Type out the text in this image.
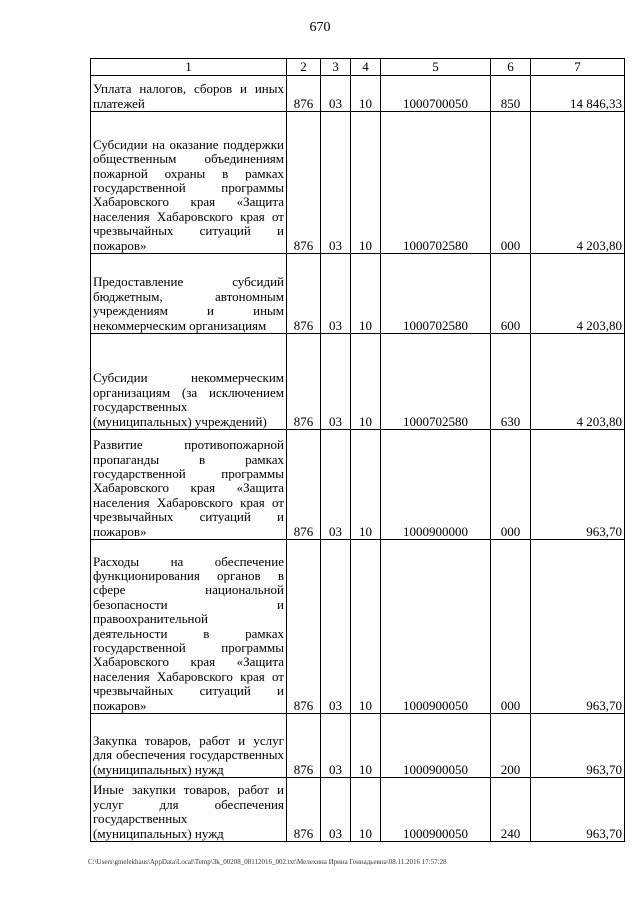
670
1	2	3	4	5	6	7
Уплата налогов, сборов и иных платежей	876	03	10	1000700050	850	14 846,33
Субсидии на оказание поддержки общественным объединениям пожарной охраны в рамках государственной программы Хабаровского края «Защита населения Хабаровского края от чрезвычайных ситуаций и пожаров»	876	03	10	1000702580	000	4 203,80
Предоставление субсидий бюджетным, автономным учреждениям и иным некоммерческим организациям	876	03	10	1000702580	600	4 203,80
Субсидии некоммерческим организациям (за исключением государственных (муниципальных) учреждений)	876	03	10	1000702580	630	4 203,80
Развитие противопожарной пропаганды в рамках государственной программы Хабаровского края «Защита населения Хабаровского края от чрезвычайных ситуаций и пожаров»	876	03	10	1000900000	000	963,70
Расходы на обеспечение функционирования органов в сфере национальной безопасности и правоохранительной деятельности в рамках государственной программы Хабаровского края «Защита населения Хабаровского края от чрезвычайных ситуаций и пожаров»	876	03	10	1000900050	000	963,70
Закупка товаров, работ и услуг для обеспечения государственных (муниципальных) нужд	876	03	10	1000900050	200	963,70
Иные закупки товаров, работ и услуг для обеспечения государственных (муниципальных) нужд	876	03	10	1000900050	240	963,70
C:\Users\gmelekhaus\AppData\Local\Temp\3k_00208_08112016_002.txt\Мелехина Ирина Геннадьевна\08.11.2016 17:57:28
